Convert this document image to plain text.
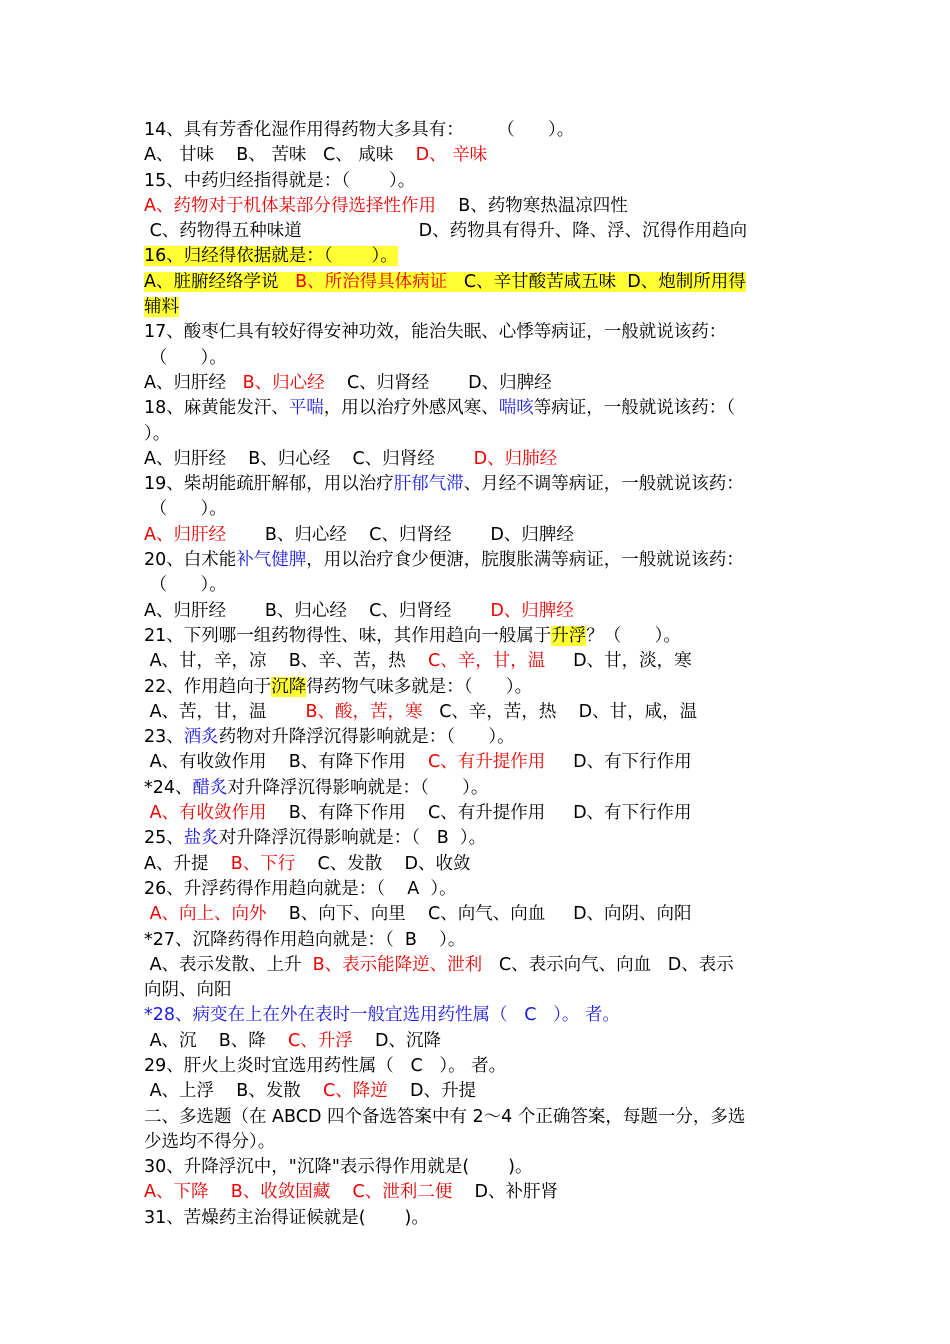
14、具有芳香化湿作用得药物大多具有：      （      ）。
A、 甘味    B、 苦味   C、 咸味    D、 辛味
15、中药归经指得就是：（       ）。
A、药物对于机体某部分得选择性作用    B、药物寒热温凉四性
C、药物得五种味道                     D、药物具有得升、降、浮、沉得作用趋向
16、归经得依据就是：（       ）。
A、脏腑经络学说   B、所治得具体病证   C、辛甘酸苦咸五味  D、炮制所用得
辅料
17、酸枣仁具有较好得安神功效，能治失眠、心悸等病证，一般就说该药：
（      ）。
A、归肝经   B、归心经    C、归肾经       D、归脾经
18、麻黄能发汗、平喘，用以治疗外感风寒、喘咳等病证，一般就说该药：（
）。
A、归肝经    B、归心经    C、归肾经       D、归肺经
19、柴胡能疏肝解郁，用以治疗肝郁气滞、月经不调等病证，一般就说该药：
（      ）。
A、归肝经       B、归心经    C、归肾经       D、归脾经
20、白术能补气健脾，用以治疗食少便溏，脘腹胀满等病证，一般就说该药：
（      ）。
A、归肝经       B、归心经    C、归肾经       D、归脾经
21、下列哪一组药物得性、味，其作用趋向一般属于升浮？（      ）。
A、甘，辛，凉    B、辛、苦，热    C、辛，甘，温     D、甘，淡，寒
22、作用趋向于沉降得药物气味多就是：（      ）。
A、苦，甘，温       B、酸，苦，寒   C、辛，苦，热    D、甘，咸，温
23、酒炙药物对升降浮沉得影响就是：（      ）。
A、有收敛作用    B、有降下作用    C、有升提作用     D、有下行作用
*24、醋炙对升降浮沉得影响就是：（      ）。
A、有收敛作用    B、有降下作用    C、有升提作用     D、有下行作用
25、盐炙对升降浮沉得影响就是：（   B  ）。
A、升提    B、下行    C、发散    D、收敛
26、升浮药得作用趋向就是：（    A  ）。
A、向上、向外    B、向下、向里    C、向气、向血     D、向阴、向阳
*27、沉降药得作用趋向就是：（  B    ）。
A、表示发散、上升  B、表示能降逆、泄利   C、表示向气、向血   D、表示
向阴、向阳
*28、病变在上在外在表时一般宜选用药性属（   C   ）。 者。
A、沉    B、降    C、升浮    D、沉降
29、肝火上炎时宜选用药性属（   C   ）。 者。
A、上浮    B、发散    C、降逆    D、升提
二、多选题（在 ABCD 四个备选答案中有 2～4 个正确答案，每题一分，多选
少选均不得分）。
30、升降浮沉中，"沉降"表示得作用就是(       )。
A、下降 B、收敛固藏 C、泄利二便    D、补肝肾
31、苦燥药主治得证候就是(       )。
